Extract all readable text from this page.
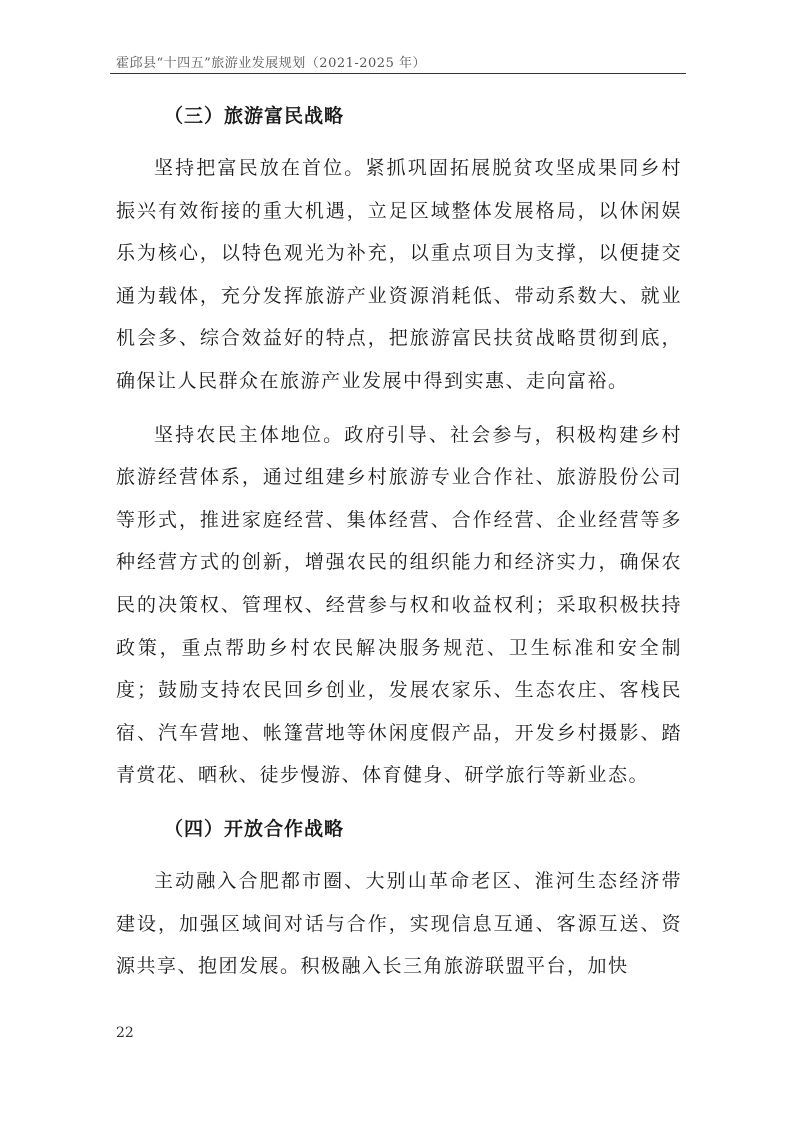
霍邱县“十四五”旅游业发展规划（2021-2025 年）
（三）旅游富民战略

坚持把富民放在首位。紧抓巩固拓展脱贫攻坚成果同乡村振兴有效衔接的重大机遇，立足区域整体发展格局，以休闲娱乐为核心，以特色观光为补充，以重点项目为支撑，以便捷交通为载体，充分发挥旅游产业资源消耗低、带动系数大、就业机会多、综合效益好的特点，把旅游富民扶贫战略贯彻到底，确保让人民群众在旅游产业发展中得到实惠、走向富裕。

坚持农民主体地位。政府引导、社会参与，积极构建乡村旅游经营体系，通过组建乡村旅游专业合作社、旅游股份公司等形式，推进家庭经营、集体经营、合作经营、企业经营等多种经营方式的创新，增强农民的组织能力和经济实力，确保农民的决策权、管理权、经营参与权和收益权利；采取积极扶持政策，重点帮助乡村农民解决服务规范、卫生标准和安全制度；鼓励支持农民回乡创业，发展农家乐、生态农庄、客栈民宿、汽车营地、帐篷营地等休闲度假产品，开发乡村摄影、踏青赏花、晒秋、徒步慢游、体育健身、研学旅行等新业态。

（四）开放合作战略

主动融入合肥都市圈、大别山革命老区、淮河生态经济带建设，加强区域间对话与合作，实现信息互通、客源互送、资源共享、抱团发展。积极融入长三角旅游联盟平台，加快

22
